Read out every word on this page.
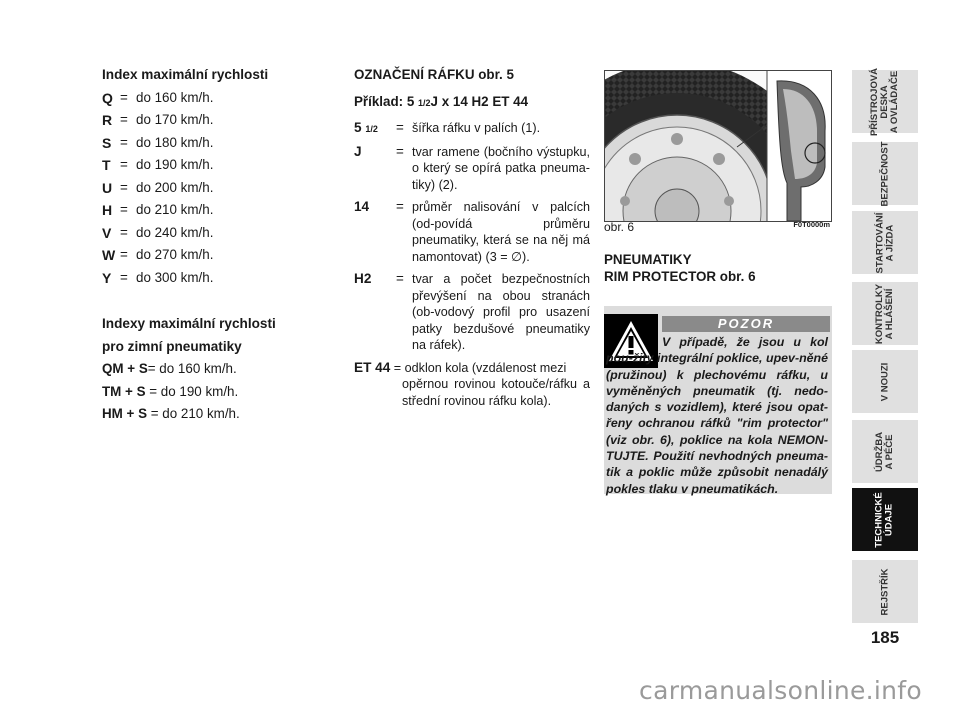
Index maximální rychlosti
Q = do 160 km/h.
R = do 170 km/h.
S = do 180 km/h.
T = do 190 km/h.
U = do 200 km/h.
H = do 210 km/h.
V = do 240 km/h.
W = do 270 km/h.
Y = do 300 km/h.
Indexy maximální rychlosti
pro zimní pneumatiky
QM + S= do 160 km/h.
TM + S = do 190 km/h.
HM + S = do 210 km/h.
OZNAČENÍ RÁFKU obr. 5
Příklad: 5 1/2J x 14 H2 ET 44
5 1/2	= šířka ráfku v palích (1).
J	= tvar ramene (bočního výstupku, o který se opírá patka pneuma-tiky) (2).
14	= průměr nalisování v palcích (od-povídá průměru pneumatiky, která se na něj má namontovat) (3 = ∅).
H2	= tvar a počet bezpečnostních převýšení na obou stranách (ob-vodový profil pro usazení patky bezdušové pneumatiky na ráfek).
ET 44 = odklon kola (vzdálenost mezi
opěrnou rovinou kotouče/ráfku a střední rovinou ráfku kola).
obr. 6	F0T0000m
PNEUMATIKY
RIM PROTECTOR obr. 6
POZOR
V případě, že jsou u kol pou-žity integrální poklice, upev-něné (pružinou) k plechovému ráfku, u vyměněných pneumatik (tj. nedo-daných s vozidlem), které jsou opat-řeny ochranou ráfků "rim protector" (viz obr. 6), poklice na kola NEMON-TUJTE. Použití nevhodných pneuma-tik a poklic může způsobit nenadálý pokles tlaku v pneumatikách.
PŘÍSTROJOVÁ DESKA A OVLÁDAČE
BEZPEČNOST
STARTOVÁNÍ A JÍZDA
KONTROLKY A HLÁŠENÍ
V NOUZI
ÚDRŽBA A PÉČE
TECHNICKÉ ÚDAJE
REJSTŘÍK
185
carmanualsonline.info
